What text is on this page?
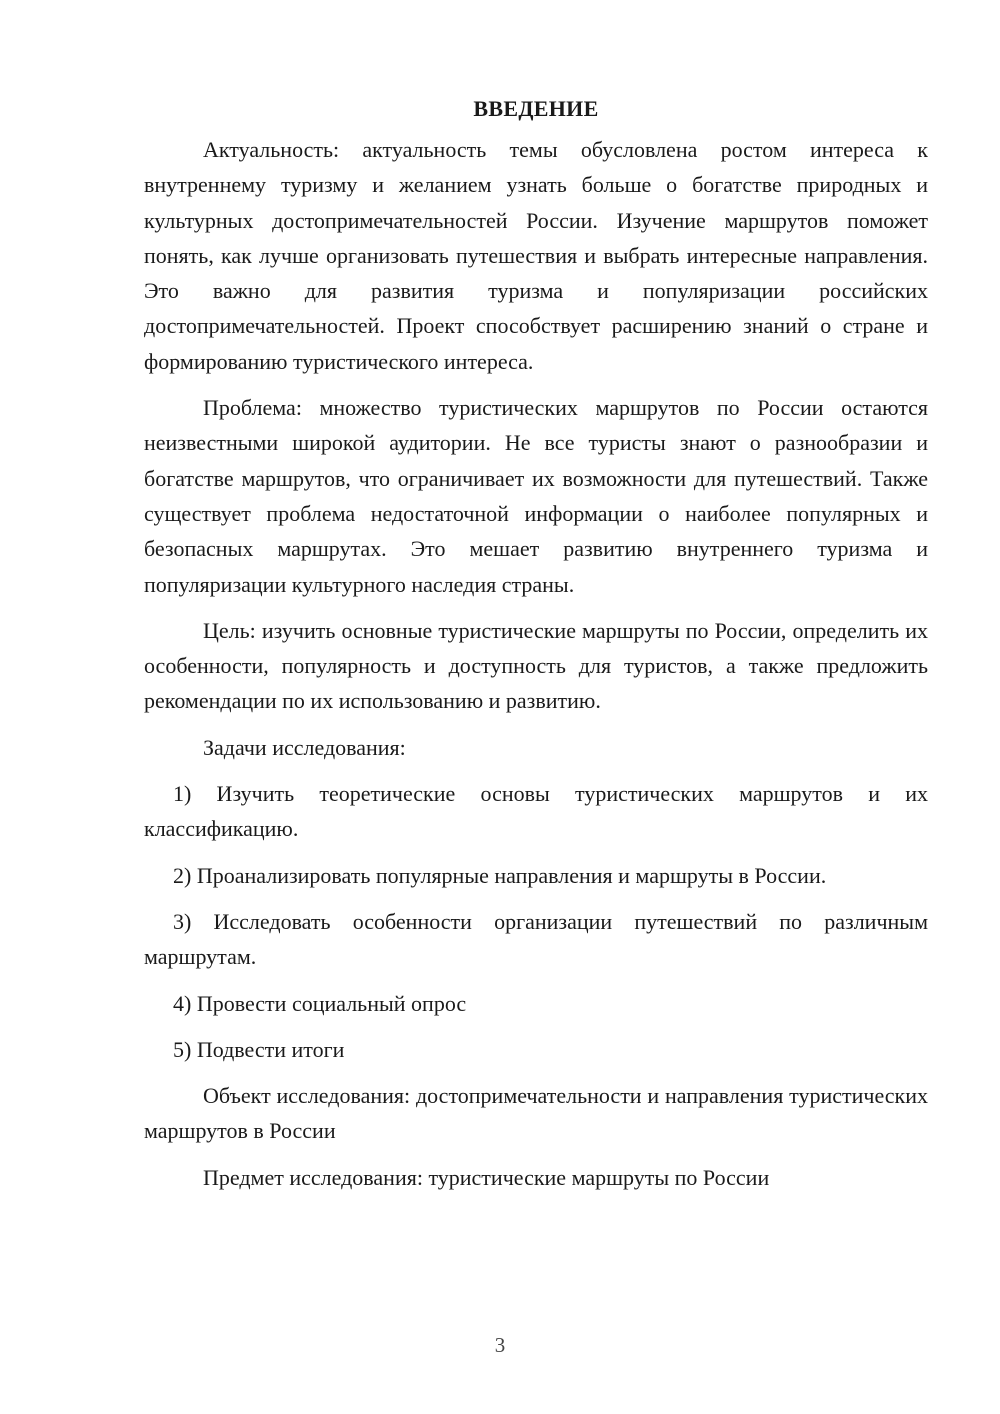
ВВЕДЕНИЕ

Актуальность: актуальность темы обусловлена ростом интереса к внутреннему туризму и желанием узнать больше о богатстве природных и культурных достопримечательностей России. Изучение маршрутов поможет понять, как лучше организовать путешествия и выбрать интересные направления. Это важно для развития туризма и популяризации российских достопримечательностей. Проект способствует расширению знаний о стране и формированию туристического интереса.

Проблема: множество туристических маршрутов по России остаются неизвестными широкой аудитории. Не все туристы знают о разнообразии и богатстве маршрутов, что ограничивает их возможности для путешествий. Также существует проблема недостаточной информации о наиболее популярных и безопасных маршрутах. Это мешает развитию внутреннего туризма и популяризации культурного наследия страны.

Цель: изучить основные туристические маршруты по России, определить их особенности, популярность и доступность для туристов, а также предложить рекомендации по их использованию и развитию.

Задачи исследования:

1) Изучить теоретические основы туристических маршрутов и их классификацию.

2) Проанализировать популярные направления и маршруты в России.

3) Исследовать особенности организации путешествий по различным маршрутам.

4) Провести социальный опрос

5) Подвести итоги

Объект исследования: достопримечательности и направления туристических маршрутов в России

Предмет исследования: туристические маршруты по России

3
